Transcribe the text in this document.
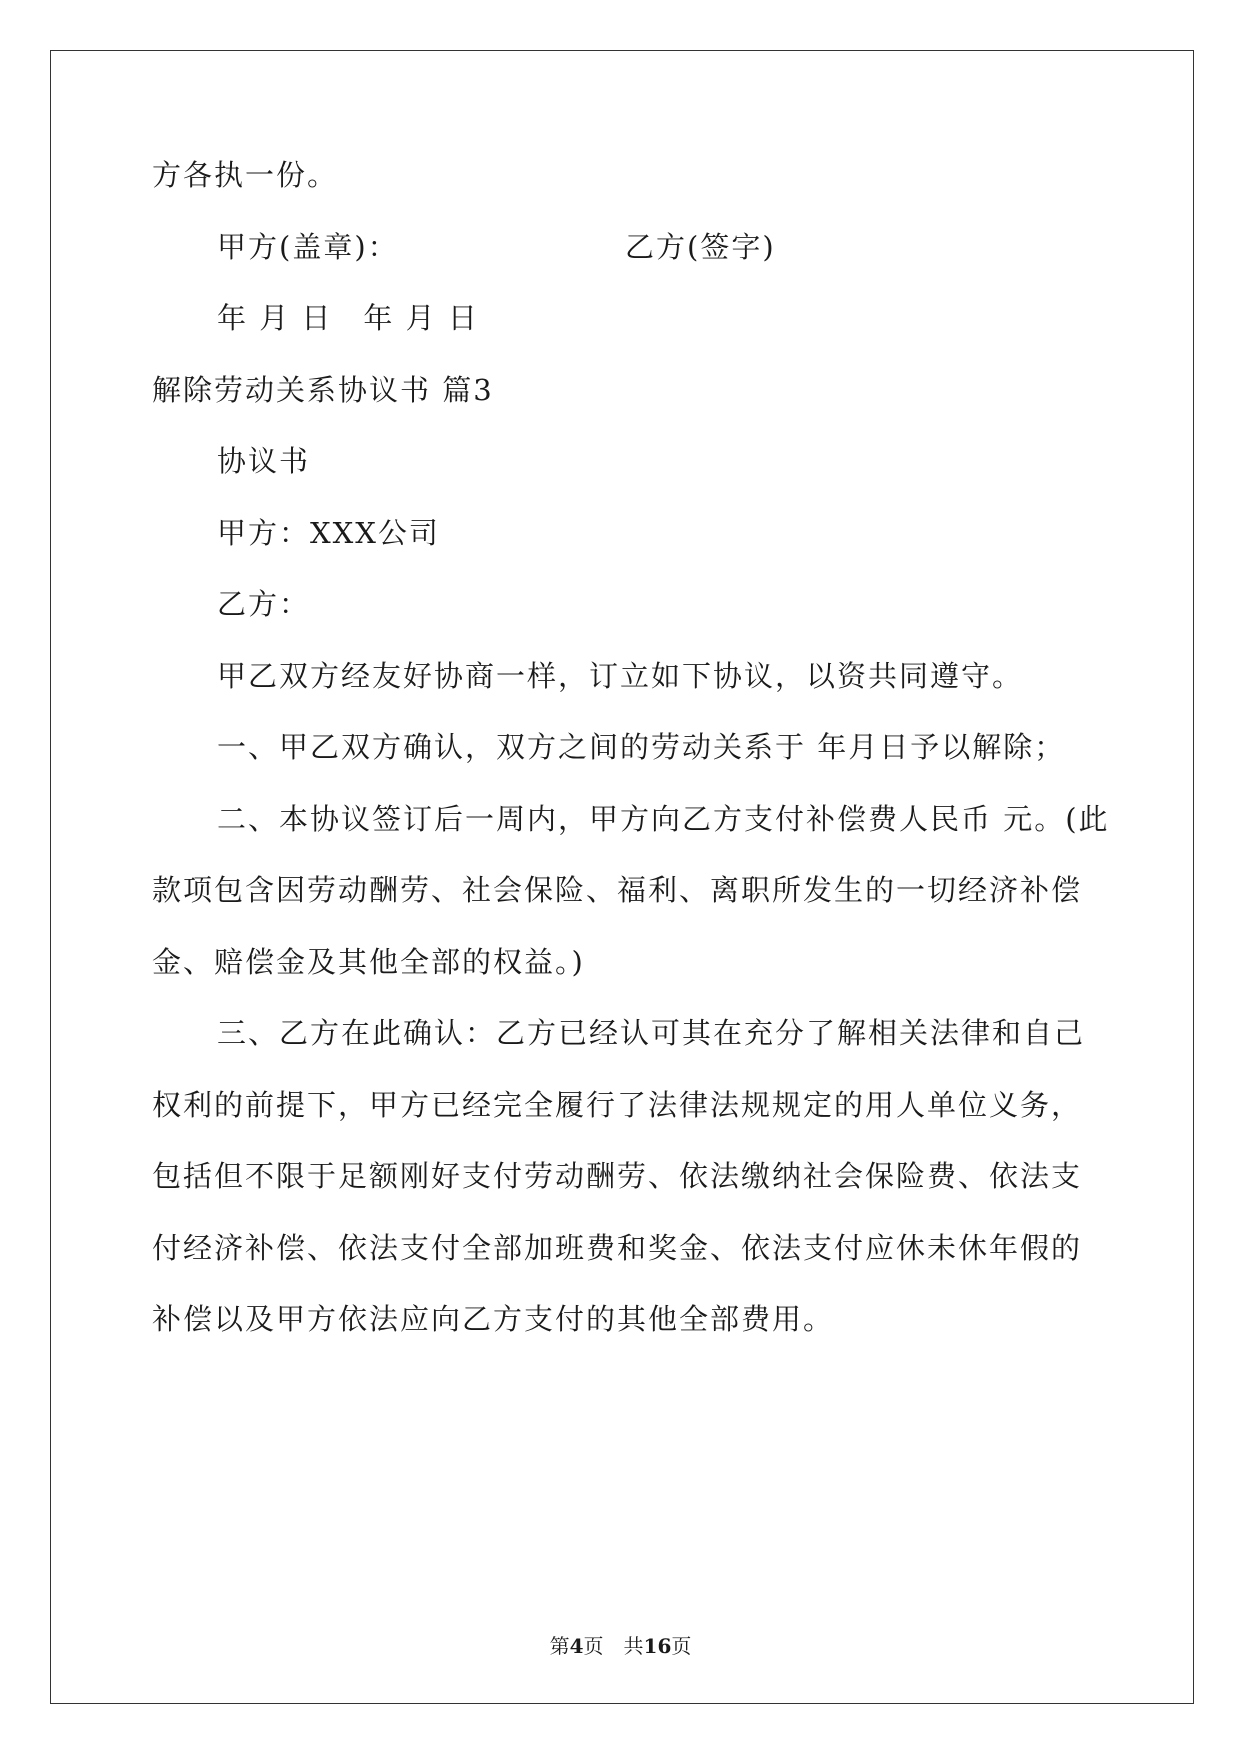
方各执一份。
甲方(盖章)：	乙方(签字)
年 月 日　年 月 日
解除劳动关系协议书 篇3
协议书
甲方：XXX公司
乙方：
甲乙双方经友好协商一样，订立如下协议，以资共同遵守。
一、甲乙双方确认，双方之间的劳动关系于 年月日予以解除；
二、本协议签订后一周内，甲方向乙方支付补偿费人民币 元。(此
款项包含因劳动酬劳、社会保险、福利、离职所发生的一切经济补偿
金、赔偿金及其他全部的权益。)
三、乙方在此确认：乙方已经认可其在充分了解相关法律和自己
权利的前提下，甲方已经完全履行了法律法规规定的用人单位义务，
包括但不限于足额刚好支付劳动酬劳、依法缴纳社会保险费、依法支
付经济补偿、依法支付全部加班费和奖金、依法支付应休未休年假的
补偿以及甲方依法应向乙方支付的其他全部费用。
第4页　共16页
